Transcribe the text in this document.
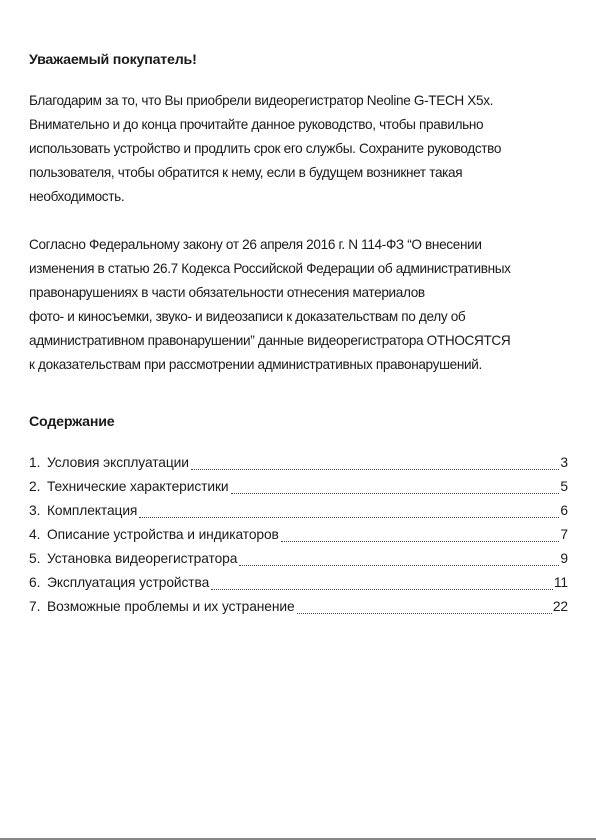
Уважаемый покупатель!
Благодарим за то, что Вы приобрели видеорегистратор Neoline G-TECH X5x.
Внимательно и до конца прочитайте данное руководство, чтобы правильно
использовать устройство и продлить срок его службы. Сохраните руководство
пользователя, чтобы обратится к нему, если в будущем возникнет такая
необходимость.
Согласно Федеральному закону от 26 апреля 2016 г. N 114-ФЗ “О внесении
изменения в статью 26.7 Кодекса Российской Федерации об административных
правонарушениях в части обязательности отнесения материалов
фото- и киносъемки, звуко- и видеозаписи к доказательствам по делу об
административном правонарушении” данные видеорегистратора ОТНОСЯТСЯ
к доказательствам при рассмотрении административных правонарушений.
Содержание
1. Условия эксплуатации	3
2. Технические характеристики	5
3. Комплектация	6
4. Описание устройства и индикаторов	7
5. Установка видеорегистратора	9
6. Эксплуатация устройства	11
7. Возможные проблемы и их устранение	22
